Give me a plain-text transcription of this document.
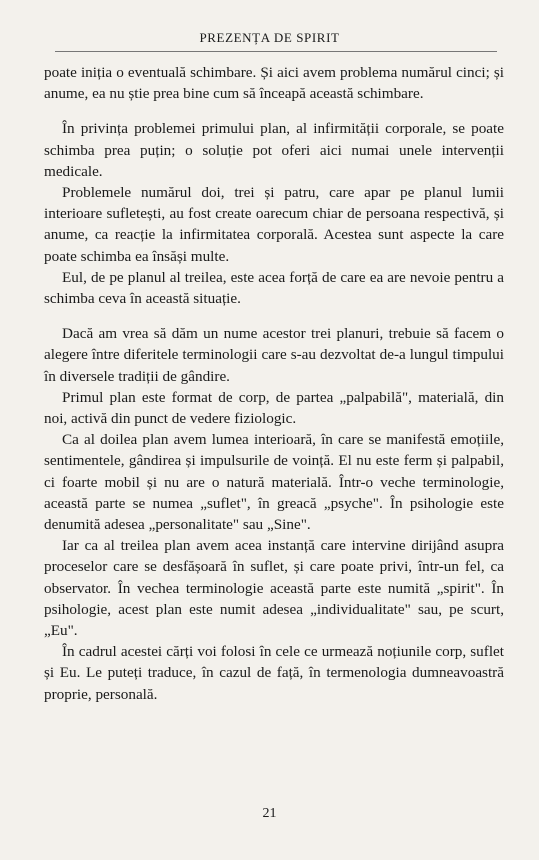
PREZENȚA DE SPIRIT

poate iniția o eventuală schimbare. Și aici avem problema numărul cinci; și anume, ea nu știe prea bine cum să înceapă această schimbare.

În privința problemei primului plan, al infirmității corporale, se poate schimba prea puțin; o soluție pot oferi aici numai unele intervenții medicale.

Problemele numărul doi, trei și patru, care apar pe planul lumii interioare sufletești, au fost create oarecum chiar de persoana respectivă, și anume, ca reacție la infirmitatea corporală. Acestea sunt aspecte la care poate schimba ea însăși multe.

Eul, de pe planul al treilea, este acea forță de care ea are nevoie pentru a schimba ceva în această situație.

Dacă am vrea să dăm un nume acestor trei planuri, trebuie să facem o alegere între diferitele terminologii care s-au dezvoltat de-a lungul timpului în diversele tradiții de gândire.

Primul plan este format de corp, de partea „palpabilă", materială, din noi, activă din punct de vedere fiziologic.

Ca al doilea plan avem lumea interioară, în care se manifestă emoțiile, sentimentele, gândirea și impulsurile de voință. El nu este ferm și palpabil, ci foarte mobil și nu are o natură materială. Într-o veche terminologie, această parte se numea „suflet", în greacă „psyche". În psihologie este denumită adesea „personalitate" sau „Sine".

Iar ca al treilea plan avem acea instanță care intervine dirijând asupra proceselor care se desfășoară în suflet, și care poate privi, într-un fel, ca observator. În vechea terminologie această parte este numită „spirit". În psihologie, acest plan este numit adesea „individualitate" sau, pe scurt, „Eu".

În cadrul acestei cărți voi folosi în cele ce urmează noțiunile corp, suflet și Eu. Le puteți traduce, în cazul de față, în termenologia dumneavoastră proprie, personală.

21
